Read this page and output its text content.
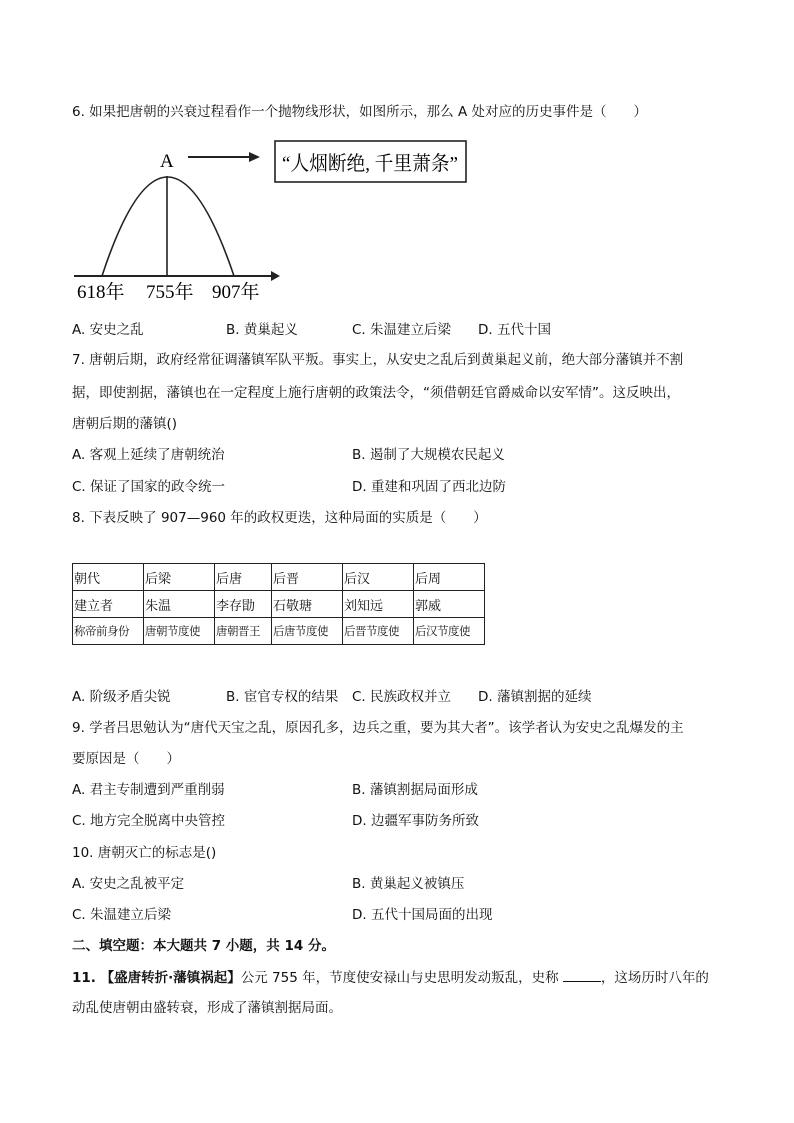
6. 如果把唐朝的兴衰过程看作一个抛物线形状，如图所示，那么 A 处对应的历史事件是（　　）
A	“人烟断绝, 千里萧条”
618年 755年 907年
A. 安史之乱	B. 黄巢起义	C. 朱温建立后梁 D. 五代十国
7. 唐朝后期，政府经常征调藩镇军队平叛。事实上，从安史之乱后到黄巢起义前，绝大部分藩镇并不割
据，即使割据，藩镇也在一定程度上施行唐朝的政策法令，“须借朝廷官爵威命以安军情”。这反映出，
唐朝后期的藩镇()
A. 客观上延续了唐朝统治	B. 遏制了大规模农民起义
C. 保证了国家的政令统一	D. 重建和巩固了西北边防
8. 下表反映了 907—960 年的政权更迭，这种局面的实质是（　　）
朝代	后梁	后唐	后晋	后汉	后周
建立者	朱温	李存勖	石敬瑭	刘知远	郭威
称帝前身份	唐朝节度使	唐朝晋王	后唐节度使	后晋节度使	后汉节度使
A. 阶级矛盾尖锐	B. 宦官专权的结果 C. 民族政权并立 D. 藩镇割据的延续
9. 学者吕思勉认为“唐代天宝之乱，原因孔多，边兵之重，要为其大者”。该学者认为安史之乱爆发的主
要原因是（　　）
A. 君主专制遭到严重削弱	B. 藩镇割据局面形成
C. 地方完全脱离中央管控	D. 边疆军事防务所致
10. 唐朝灭亡的标志是()
A. 安史之乱被平定	B. 黄巢起义被镇压
C. 朱温建立后梁	D. 五代十国局面的出现
二、填空题：本大题共 7 小题，共 14 分。
11. 【盛唐转折·藩镇祸起】公元 755 年，节度使安禄山与史思明发动叛乱，史称	，这场历时八年的
动乱使唐朝由盛转衰，形成了藩镇割据局面。
